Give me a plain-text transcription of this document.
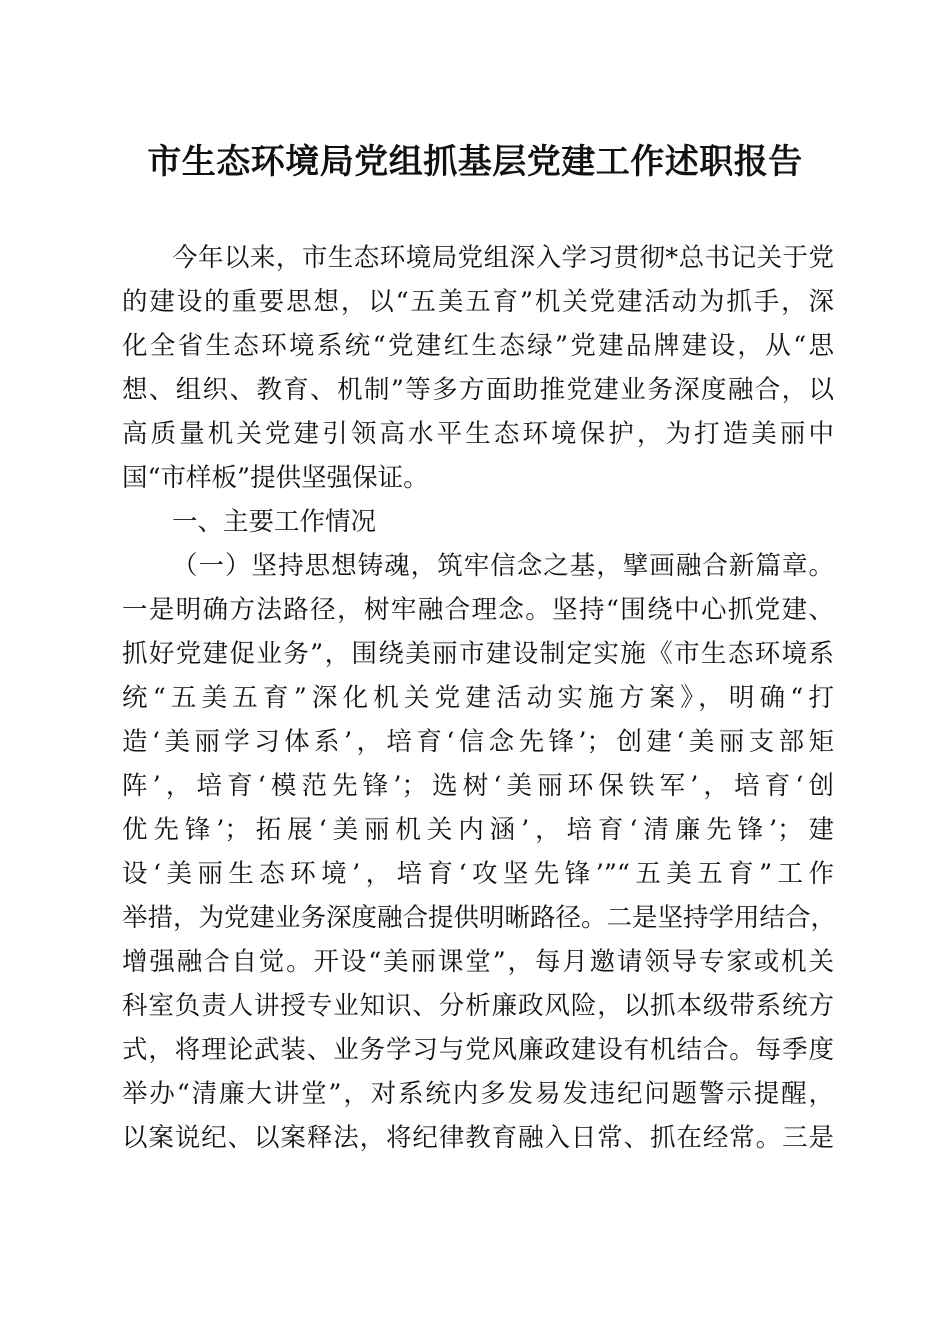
市生态环境局党组抓基层党建工作述职报告
今年以来，市生态环境局党组深入学习贯彻*总书记关于党
的建设的重要思想，以“五美五育”机关党建活动为抓手，深
化全省生态环境系统“党建红生态绿”党建品牌建设，从“思
想、组织、教育、机制”等多方面助推党建业务深度融合，以
高质量机关党建引领高水平生态环境保护，为打造美丽中
国“市样板”提供坚强保证。
一、主要工作情况
（一）坚持思想铸魂，筑牢信念之基，擘画融合新篇章。
一是明确方法路径，树牢融合理念。坚持“围绕中心抓党建、
抓好党建促业务”，围绕美丽市建设制定实施《市生态环境系
统“五美五育”深化机关党建活动实施方案》，明确“打
造‘美丽学习体系’，培育‘信念先锋’；创建‘美丽支部矩
阵’，培育‘模范先锋’；选树‘美丽环保铁军’，培育‘创
优先锋’；拓展‘美丽机关内涵’，培育‘清廉先锋’；建
设‘美丽生态环境’，培育‘攻坚先锋’”“五美五育”工作
举措，为党建业务深度融合提供明晰路径。二是坚持学用结合，
增强融合自觉。开设“美丽课堂”，每月邀请领导专家或机关
科室负责人讲授专业知识、分析廉政风险，以抓本级带系统方
式，将理论武装、业务学习与党风廉政建设有机结合。每季度
举办“清廉大讲堂”，对系统内多发易发违纪问题警示提醒，
以案说纪、以案释法，将纪律教育融入日常、抓在经常。三是
